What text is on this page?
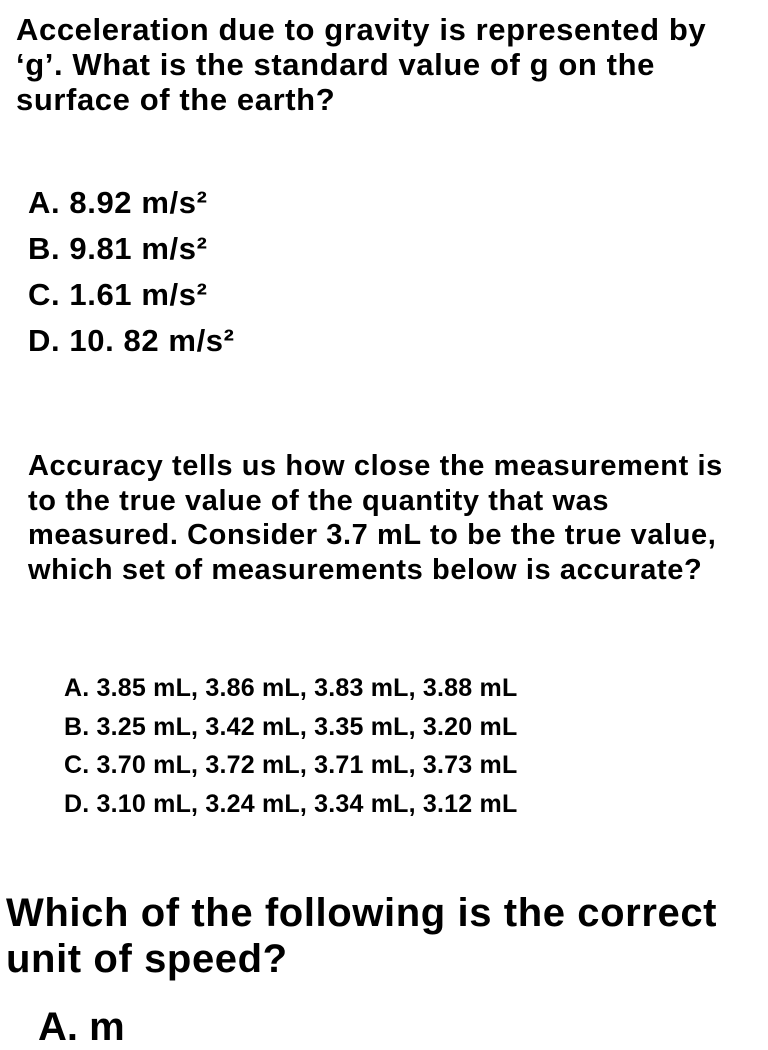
Acceleration due to gravity is represented by ‘g’. What is the standard value of g on the surface of the earth?
A. 8.92 m/s²
B. 9.81 m/s²
C. 1.61 m/s²
D. 10. 82 m/s²
Accuracy tells us how close the measurement is to the true value of the quantity that was measured. Consider 3.7 mL to be the true value, which set of measurements below is accurate?
A. 3.85 mL, 3.86 mL, 3.83 mL, 3.88 mL
B. 3.25 mL, 3.42 mL, 3.35 mL, 3.20 mL
C. 3.70 mL, 3.72 mL, 3.71 mL, 3.73 mL
D. 3.10 mL, 3.24 mL, 3.34 mL, 3.12 mL
Which of the following is the correct unit of speed?
A. m
